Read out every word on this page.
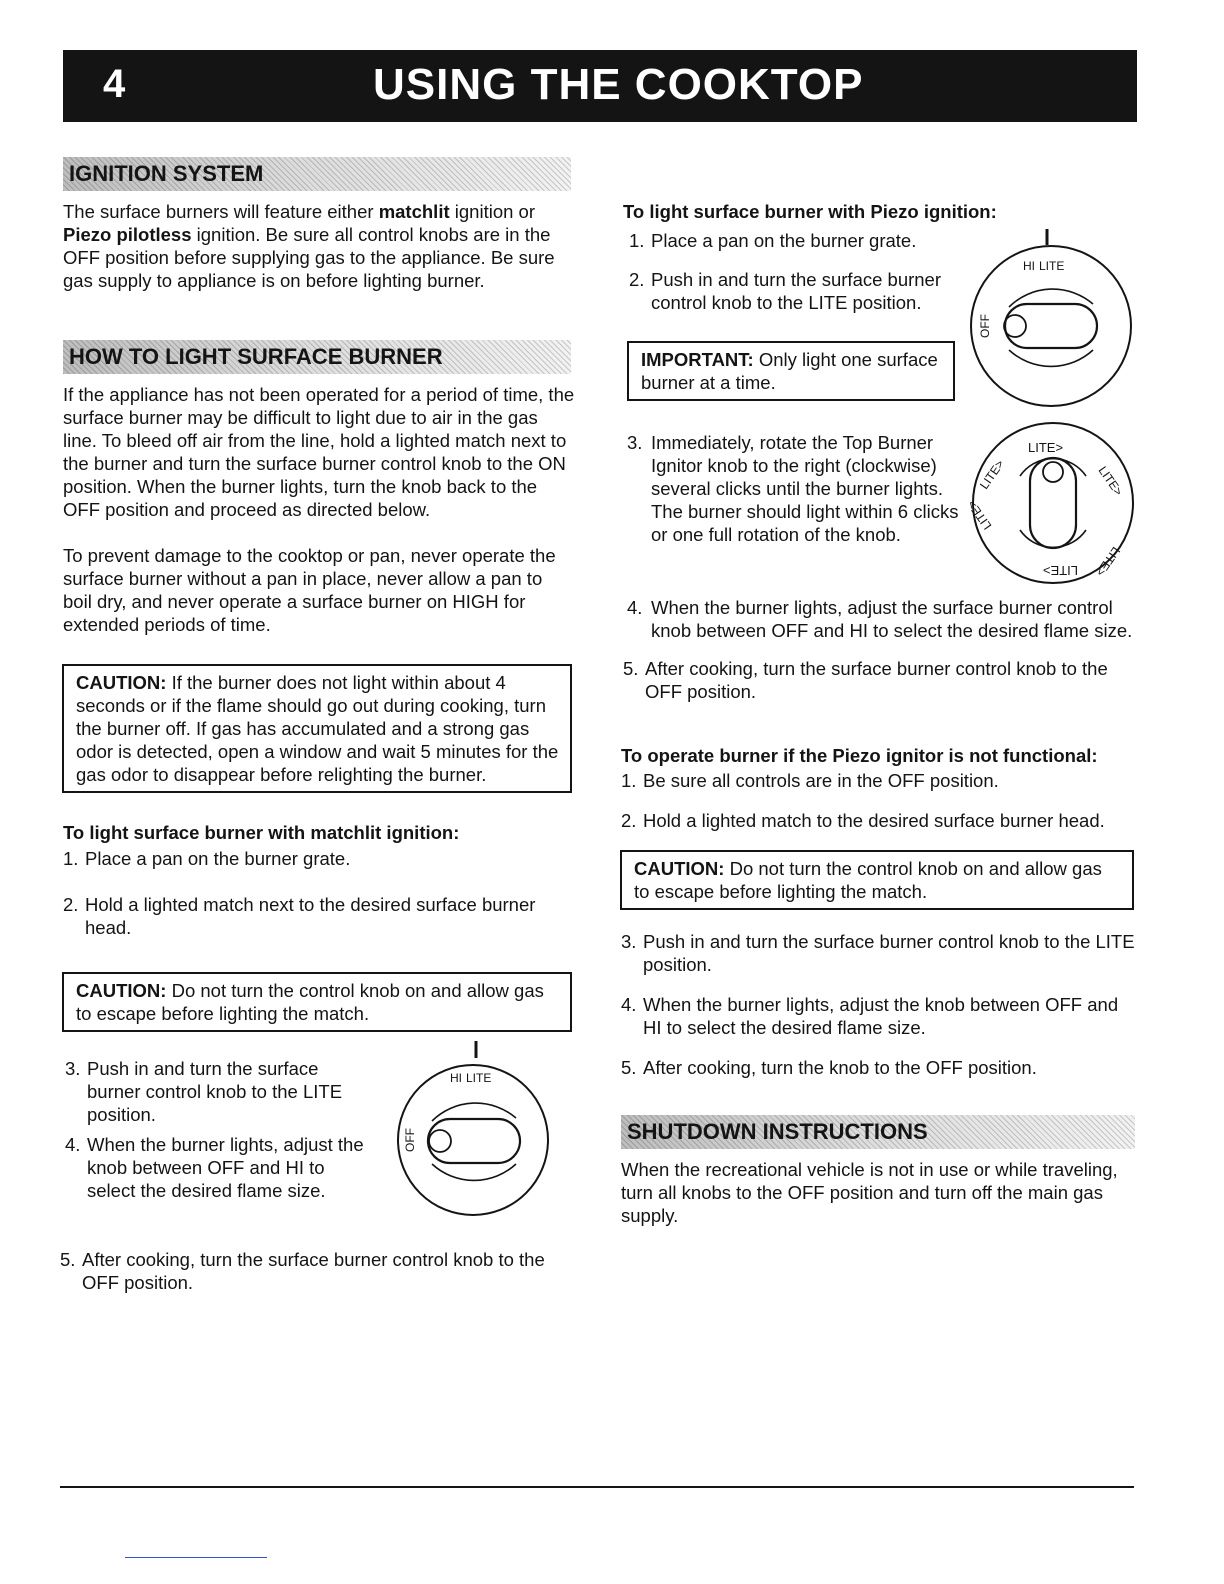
4	USING THE COOKTOP
IGNITION SYSTEM

The surface burners will feature either matchlit ignition or Piezo pilotless ignition. Be sure all control knobs are in the OFF position before supplying gas to the appliance. Be sure gas supply to appliance is on before lighting burner.

HOW TO LIGHT SURFACE BURNER

If the appliance has not been operated for a period of time, the surface burner may be difficult to light due to air in the gas line. To bleed off air from the line, hold a lighted match next to the burner and turn the surface burner control knob to the ON position. When the burner lights, turn the knob back to the OFF position and proceed as directed below.

To prevent damage to the cooktop or pan, never operate the surface burner without a pan in place, never allow a pan to boil dry, and never operate a surface burner on HIGH for extended periods of time.

CAUTION: If the burner does not light within about 4 seconds or if the flame should go out during cooking, turn the burner off. If gas has accumulated and a strong gas odor is detected, open a window and wait 5 minutes for the gas odor to disappear before relighting the burner.

To light surface burner with matchlit ignition:

1. Place a pan on the burner grate.
2. Hold a lighted match next to the desired surface burner head.
CAUTION: Do not turn the control knob on and allow gas to escape before lighting the match.
3. Push in and turn the surface burner control knob to the LITE position.
4. When the burner lights, adjust the knob between OFF and HI to select the desired flame size.
5. After cooking, turn the surface burner control knob to the OFF position.
HI LITE
OFF

To light surface burner with Piezo ignition:

1. Place a pan on the burner grate.
2. Push in and turn the surface burner control knob to the LITE position.
IMPORTANT: Only light one surface burner at a time.
HI LITE
OFF
3. Immediately, rotate the Top Burner Ignitor knob to the right (clockwise) several clicks until the burner lights. The burner should light within 6 clicks or one full rotation of the knob.
LITE>
LITE>	LITE>
LITE>
LITE>
LITE>
4. When the burner lights, adjust the surface burner control knob between OFF and HI to select the desired flame size.
5. After cooking, turn the surface burner control knob to the OFF position.

To operate burner if the Piezo ignitor is not functional:

1. Be sure all controls are in the OFF position.
2. Hold a lighted match to the desired surface burner head.
CAUTION: Do not turn the control knob on and allow gas to escape before lighting the match.
3. Push in and turn the surface burner control knob to the LITE position.
4. When the burner lights, adjust the knob between OFF and HI to select the desired flame size.
5. After cooking, turn the knob to the OFF position.
SHUTDOWN INSTRUCTIONS

When the recreational vehicle is not in use or while traveling, turn all knobs to the OFF position and turn off the main gas supply.
